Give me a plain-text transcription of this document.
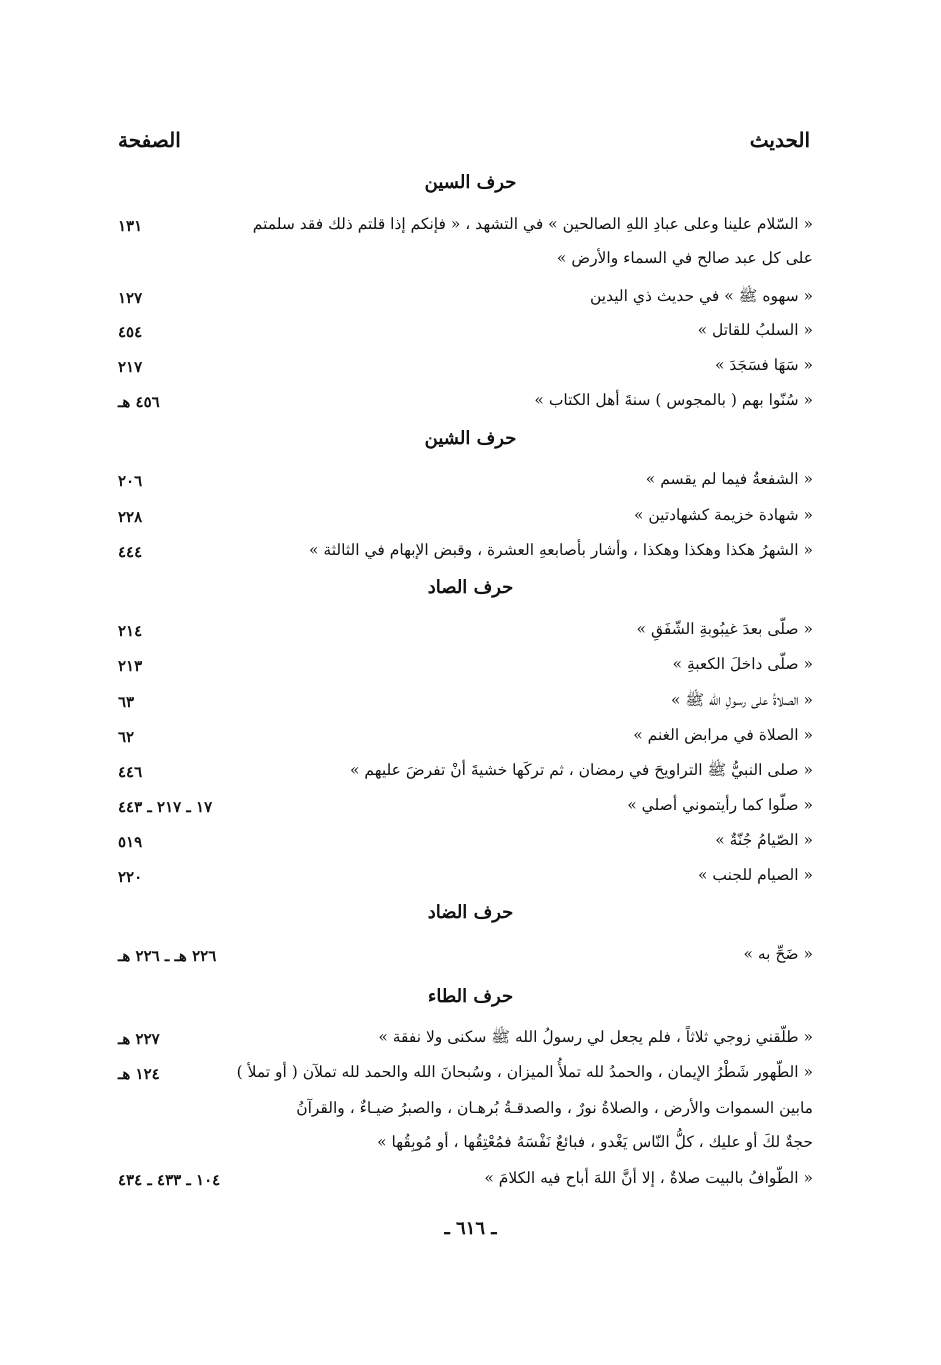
الحديث
الصفحة
حرف السين
« السّلام علينا وعلى عبادِ اللهِ الصالحين » في التشهد ، « فإنكم إذا قلتم ذلك فقد سلمتم
على كل عبد صالح في السماء والأرض »
١٣١
« سهوه ﷺ » في حديث ذي اليدين
١٢٧
« السلبُ للقاتل »
٤٥٤
« سَهَا فسَجَدَ »
٢١٧
« سُنّوا بهم ( بالمجوس ) سنةَ أهل الكتاب »
٤٥٦ هـ
حرف الشين
« الشفعةُ فيما لم يقسم »
٢٠٦
« شهادة خزيمة كشهادتين »
٢٢٨
« الشهرُ هكذا وهكذا وهكذا ، وأشار بأصابعهِ العشرة ، وقبض الإبهام في الثالثة »
٤٤٤
حرف الصاد
« صلّى بعدَ غيبُوبةِ الشّفَقِ »
٢١٤
« صلّى داخلَ الكعبةِ »
٢١٣
« الصلاةُ على رسولِ الله ﷺ »
٦٣
« الصلاة في مرابض الغنم »
٦٢
« صلى النبيُّ ﷺ التراويحَ في رمضان ، ثم تركَها خشيةَ أنْ تفرضَ عليهم »
٤٤٦
« صلّوا كما رأيتموني أصلي »
١٧ ـ ٢١٧ ـ ٤٤٣
« الصّيامُ جُنّةٌ »
٥١٩
« الصيام للجنب »
٢٢٠
حرف الضاد
« ضَحِّ به »
٢٢٦ هـ ـ ٢٢٦ هـ
حرف الطاء
« طلّقني زوجي ثلاثاً ، فلم يجعل لي رسولُ الله ﷺ سكنى ولا نفقة »
٢٢٧ هـ
« الطّهور شَطْرُ الإيمان ، والحمدُ لله تملأُ الميزان ، وسُبحانَ الله والحمد لله تملآن ( أو تملأ )
مابين السموات والأرض ، والصلاةُ نورٌ ، والصدقـةُ بُرهـان ، والصبرُ ضيـاءٌ ، والقرآنُ
حجةٌ لكَ أو عليك ، كلُّ النّاس يَغْدو ، فبائعٌ نَفْسَهُ فمُعْتِقُها ، أو مُوبِقُها »
١٢٤ هـ
« الطّوافُ بالبيت صلاةٌ ، إلا أنَّ اللهَ أباح فيه الكلامَ »
١٠٤ ـ ٤٣٣ ـ ٤٣٤
ـ ٦١٦ ـ
